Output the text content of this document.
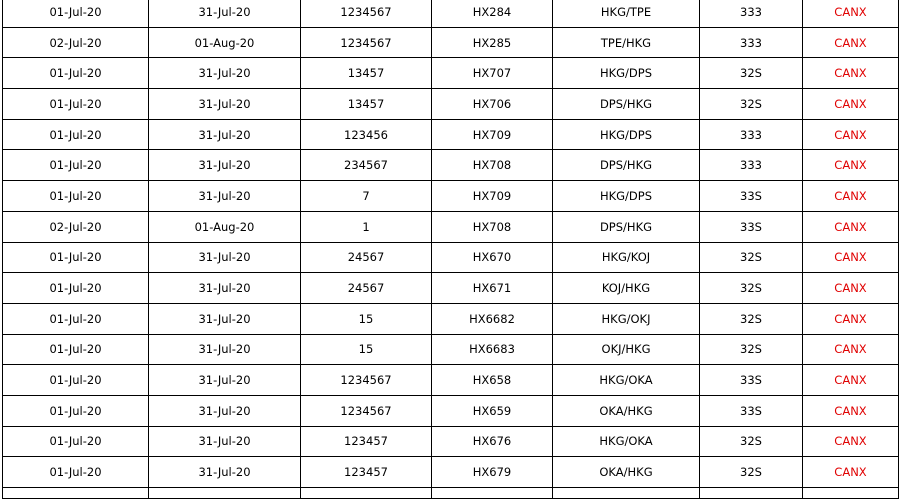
01-Jul-20	31-Jul-20	1234567	HX284	HKG/TPE	333	CANX
02-Jul-20	01-Aug-20	1234567	HX285	TPE/HKG	333	CANX
01-Jul-20	31-Jul-20	13457	HX707	HKG/DPS	32S	CANX
01-Jul-20	31-Jul-20	13457	HX706	DPS/HKG	32S	CANX
01-Jul-20	31-Jul-20	123456	HX709	HKG/DPS	333	CANX
01-Jul-20	31-Jul-20	234567	HX708	DPS/HKG	333	CANX
01-Jul-20	31-Jul-20	7	HX709	HKG/DPS	33S	CANX
02-Jul-20	01-Aug-20	1	HX708	DPS/HKG	33S	CANX
01-Jul-20	31-Jul-20	24567	HX670	HKG/KOJ	32S	CANX
01-Jul-20	31-Jul-20	24567	HX671	KOJ/HKG	32S	CANX
01-Jul-20	31-Jul-20	15	HX6682	HKG/OKJ	32S	CANX
01-Jul-20	31-Jul-20	15	HX6683	OKJ/HKG	32S	CANX
01-Jul-20	31-Jul-20	1234567	HX658	HKG/OKA	33S	CANX
01-Jul-20	31-Jul-20	1234567	HX659	OKA/HKG	33S	CANX
01-Jul-20	31-Jul-20	123457	HX676	HKG/OKA	32S	CANX
01-Jul-20	31-Jul-20	123457	HX679	OKA/HKG	32S	CANX
